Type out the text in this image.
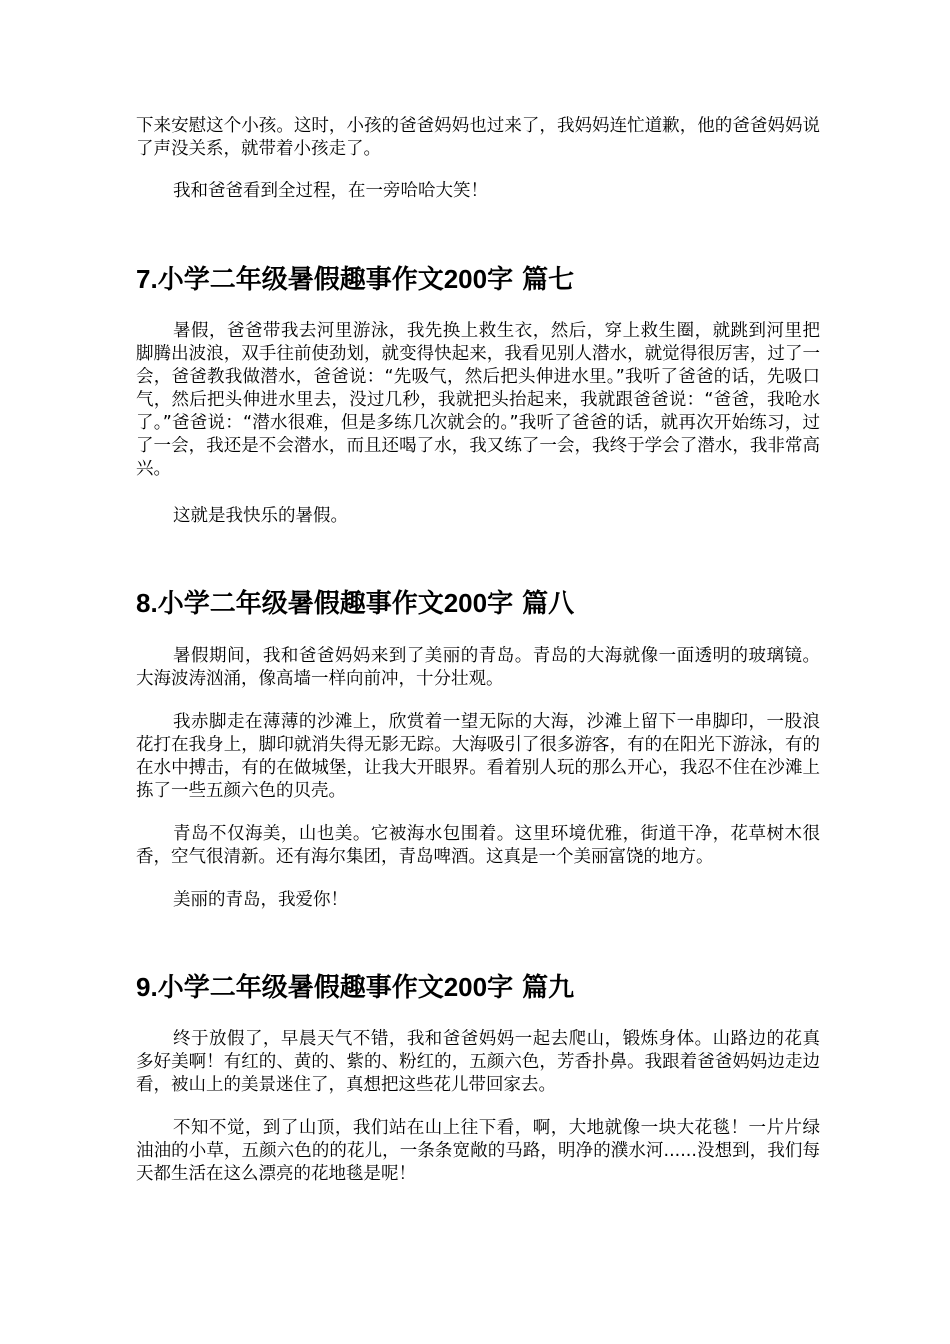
下来安慰这个小孩。这时，小孩的爸爸妈妈也过来了，我妈妈连忙道歉，他的爸爸妈妈说了声没关系，就带着小孩走了。

我和爸爸看到全过程，在一旁哈哈大笑！

7.小学二年级暑假趣事作文200字 篇七

暑假，爸爸带我去河里游泳，我先换上救生衣，然后，穿上救生圈，就跳到河里把脚腾出波浪，双手往前使劲划，就变得快起来，我看见别人潜水，就觉得很厉害，过了一会，爸爸教我做潜水，爸爸说：“先吸气，然后把头伸进水里。”我听了爸爸的话，先吸口气，然后把头伸进水里去，没过几秒，我就把头抬起来，我就跟爸爸说：“爸爸，我呛水了。”爸爸说：“潜水很难，但是多练几次就会的。”我听了爸爸的话，就再次开始练习，过了一会，我还是不会潜水，而且还喝了水，我又练了一会，我终于学会了潜水，我非常高兴。

这就是我快乐的暑假。

8.小学二年级暑假趣事作文200字 篇八

暑假期间，我和爸爸妈妈来到了美丽的青岛。青岛的大海就像一面透明的玻璃镜。大海波涛汹涌，像高墙一样向前冲，十分壮观。

我赤脚走在薄薄的沙滩上，欣赏着一望无际的大海，沙滩上留下一串脚印，一股浪花打在我身上，脚印就消失得无影无踪。大海吸引了很多游客，有的在阳光下游泳，有的在水中搏击，有的在做城堡，让我大开眼界。看着别人玩的那么开心，我忍不住在沙滩上拣了一些五颜六色的贝壳。

青岛不仅海美，山也美。它被海水包围着。这里环境优雅，街道干净，花草树木很香，空气很清新。还有海尔集团，青岛啤酒。这真是一个美丽富饶的地方。

美丽的青岛，我爱你！

9.小学二年级暑假趣事作文200字 篇九

终于放假了，早晨天气不错，我和爸爸妈妈一起去爬山，锻炼身体。山路边的花真多好美啊！有红的、黄的、紫的、粉红的，五颜六色，芳香扑鼻。我跟着爸爸妈妈边走边看，被山上的美景迷住了，真想把这些花儿带回家去。

不知不觉，到了山顶，我们站在山上往下看，啊，大地就像一块大花毯！一片片绿油油的小草，五颜六色的的花儿，一条条宽敞的马路，明净的濮水河......没想到，我们每天都生活在这么漂亮的花地毯是呢！
